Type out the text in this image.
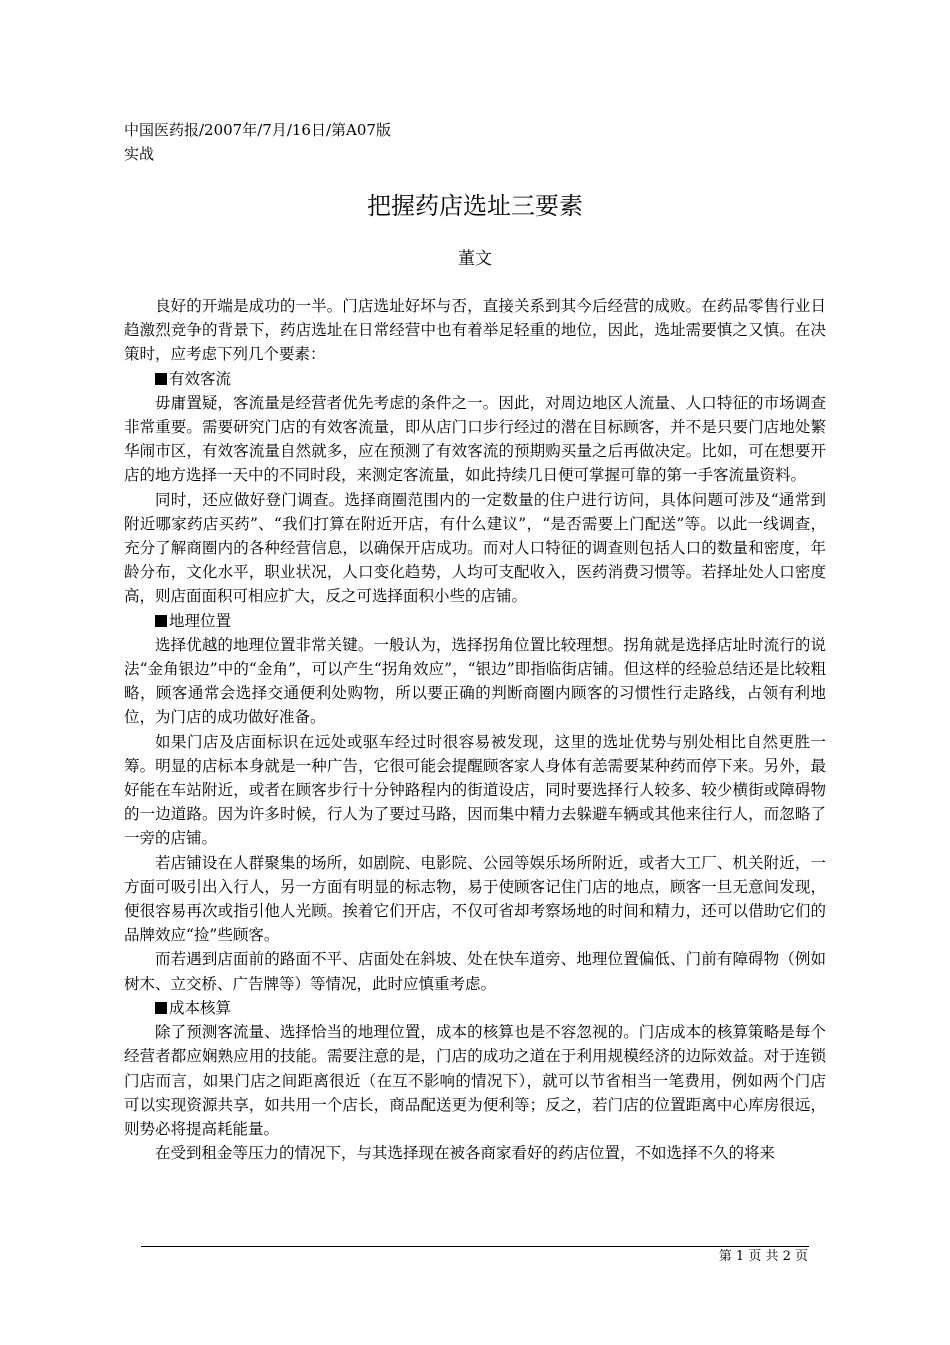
中国医药报/2007年/7月/16日/第A07版
实战
把握药店选址三要素
董文

良好的开端是成功的一半。门店选址好坏与否，直接关系到其今后经营的成败。在药品零售行业日趋激烈竞争的背景下，药店选址在日常经营中也有着举足轻重的地位，因此，选址需要慎之又慎。在决策时，应考虑下列几个要素：

有效客流

毋庸置疑，客流量是经营者优先考虑的条件之一。因此，对周边地区人流量、人口特征的市场调查非常重要。需要研究门店的有效客流量，即从店门口步行经过的潜在目标顾客，并不是只要门店地处繁华闹市区，有效客流量自然就多，应在预测了有效客流的预期购买量之后再做决定。比如，可在想要开店的地方选择一天中的不同时段，来测定客流量，如此持续几日便可掌握可靠的第一手客流量资料。

同时，还应做好登门调查。选择商圈范围内的一定数量的住户进行访问，具体问题可涉及“通常到附近哪家药店买药”、“我们打算在附近开店，有什么建议”，“是否需要上门配送”等。以此一线调查，充分了解商圈内的各种经营信息，以确保开店成功。而对人口特征的调查则包括人口的数量和密度，年龄分布，文化水平，职业状况，人口变化趋势，人均可支配收入，医药消费习惯等。若择址处人口密度高，则店面面积可相应扩大，反之可选择面积小些的店铺。

地理位置

选择优越的地理位置非常关键。一般认为，选择拐角位置比较理想。拐角就是选择店址时流行的说法“金角银边”中的“金角”，可以产生“拐角效应”，“银边”即指临街店铺。但这样的经验总结还是比较粗略，顾客通常会选择交通便利处购物，所以要正确的判断商圈内顾客的习惯性行走路线，占领有利地位，为门店的成功做好准备。

如果门店及店面标识在远处或驱车经过时很容易被发现，这里的选址优势与别处相比自然更胜一筹。明显的店标本身就是一种广告，它很可能会提醒顾客家人身体有恙需要某种药而停下来。另外，最好能在车站附近，或者在顾客步行十分钟路程内的街道设店，同时要选择行人较多、较少横街或障碍物的一边道路。因为许多时候，行人为了要过马路，因而集中精力去躲避车辆或其他来往行人，而忽略了一旁的店铺。

若店铺设在人群聚集的场所，如剧院、电影院、公园等娱乐场所附近，或者大工厂、机关附近，一方面可吸引出入行人，另一方面有明显的标志物，易于使顾客记住门店的地点，顾客一旦无意间发现，便很容易再次或指引他人光顾。挨着它们开店，不仅可省却考察场地的时间和精力，还可以借助它们的品牌效应“捡”些顾客。

而若遇到店面前的路面不平、店面处在斜坡、处在快车道旁、地理位置偏低、门前有障碍物（例如树木、立交桥、广告牌等）等情况，此时应慎重考虑。

成本核算

除了预测客流量、选择恰当的地理位置，成本的核算也是不容忽视的。门店成本的核算策略是每个经营者都应娴熟应用的技能。需要注意的是，门店的成功之道在于利用规模经济的边际效益。对于连锁门店而言，如果门店之间距离很近（在互不影响的情况下），就可以节省相当一笔费用，例如两个门店可以实现资源共享，如共用一个店长，商品配送更为便利等；反之，若门店的位置距离中心库房很远，则势必将提高耗能量。

在受到租金等压力的情况下，与其选择现在被各商家看好的药店位置，不如选择不久的将来

第 1 页 共 2 页
